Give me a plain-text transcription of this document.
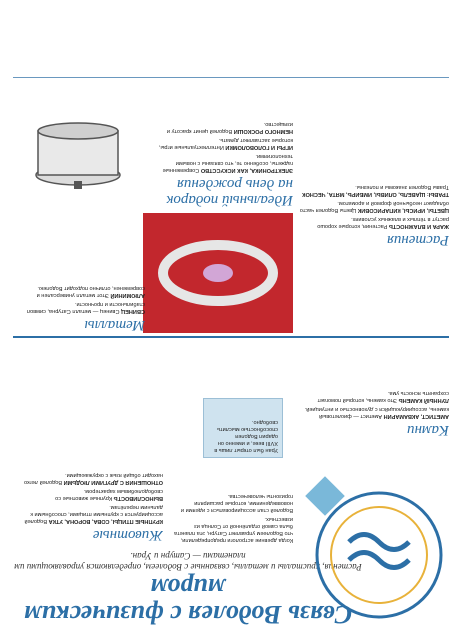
Связь Водолея с физическим миром
Растения, кристаллы и металлы, связанные с Водолеем, определяются управляющими им планетами — Сатурн и Уран.

Когда древние астрологи предопределили, что Водолеем управляет Сатурн, эта планета была самой отдалённой от Солнца из известных.

Водолей стал ассоциироваться с идеями и нововведениями, которые расширяли горизонты человечества.

Уран был открыт лишь в XVIII веке, и именно он одарил Водолея способностью мыслить свободно.
Животные

КРУПНЫЕ ПТИЦЫ, СОВА, ВОРОНА, УТКА Водолей ассоциируется с крупными птицами, способными к дальним перелётам.

ВЫНОСЛИВОСТЬ Крупные животные со свободолюбивым характером.

ОТНОШЕНИЯ С ДРУГИМИ ЛЮДЬМИ Водолей легко находит общий язык с окружающими.

Камни

АМЕТИСТ, АКВАМАРИН Аметист — фиолетовый камень, ассоциирующийся с духовностью и интуицией.

ЛУННЫЙ КАМЕНЬ Это камень, который помогает сохранять ясность ума.

Растения

ЖАРА И ВЛАЖНОСТЬ Растения, которые хорошо растут в тёплых и влажных условиях.

ЦВЕТЫ, ИРИСЫ, КИПАРИСОВИК Цветы Водолея часто обладают необычной формой и ароматом.

ТРАВЫ: ЩАВЕЛЬ, ОЛИВЫ, ИМБИРЬ, МЯТА, ЧЕСНОК Травы Водолея знакомы и полезны.

Идеальный подарок на день рождения

ЭЛЕКТРОНИКА, КАК ИСКУССТВО Современные гаджеты, особенно те, что связаны с новыми технологиями.

ИГРЫ И ГОЛОВОЛОМКИ Интеллектуальные игры, которые заставляют думать.

НЕМНОГО РОСКОШИ Водолей ценит красоту и изящество.

Металлы

СВИНЕЦ Свинец — металл Сатурна, символ стабильности и прочности.

АЛЮМИНИЙ Этот металл универсален и современен, отлично подходит Водолею.
